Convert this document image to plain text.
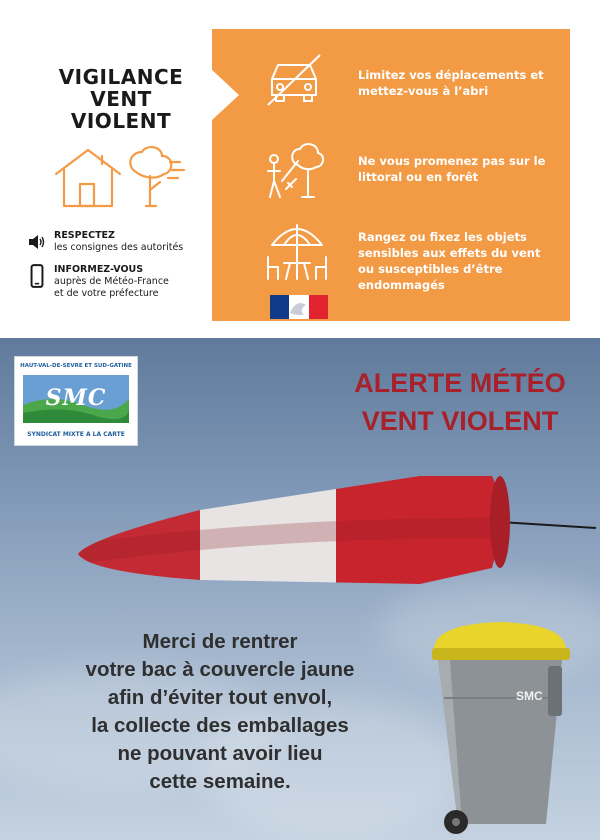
VIGILANCE
VENT
VIOLENT
RESPECTEZ
les consignes des autorités
INFORMEZ-VOUS
auprès de Météo-France
et de votre préfecture
Limitez vos déplacements et mettez-vous à l’abri
Ne vous promenez pas sur le littoral ou en forêt
Rangez ou fixez les objets sensibles aux effets du vent ou susceptibles d’être endommagés
HAUT-VAL-DE-SEVRE ET SUD-GATINE
SMC
SYNDICAT MIXTE A LA CARTE
ALERTE MÉTÉO
VENT VIOLENT
Merci de rentrer
votre bac à couvercle jaune
afin d’éviter tout envol,
la collecte des emballages
ne pouvant avoir lieu
cette semaine.
SMC
